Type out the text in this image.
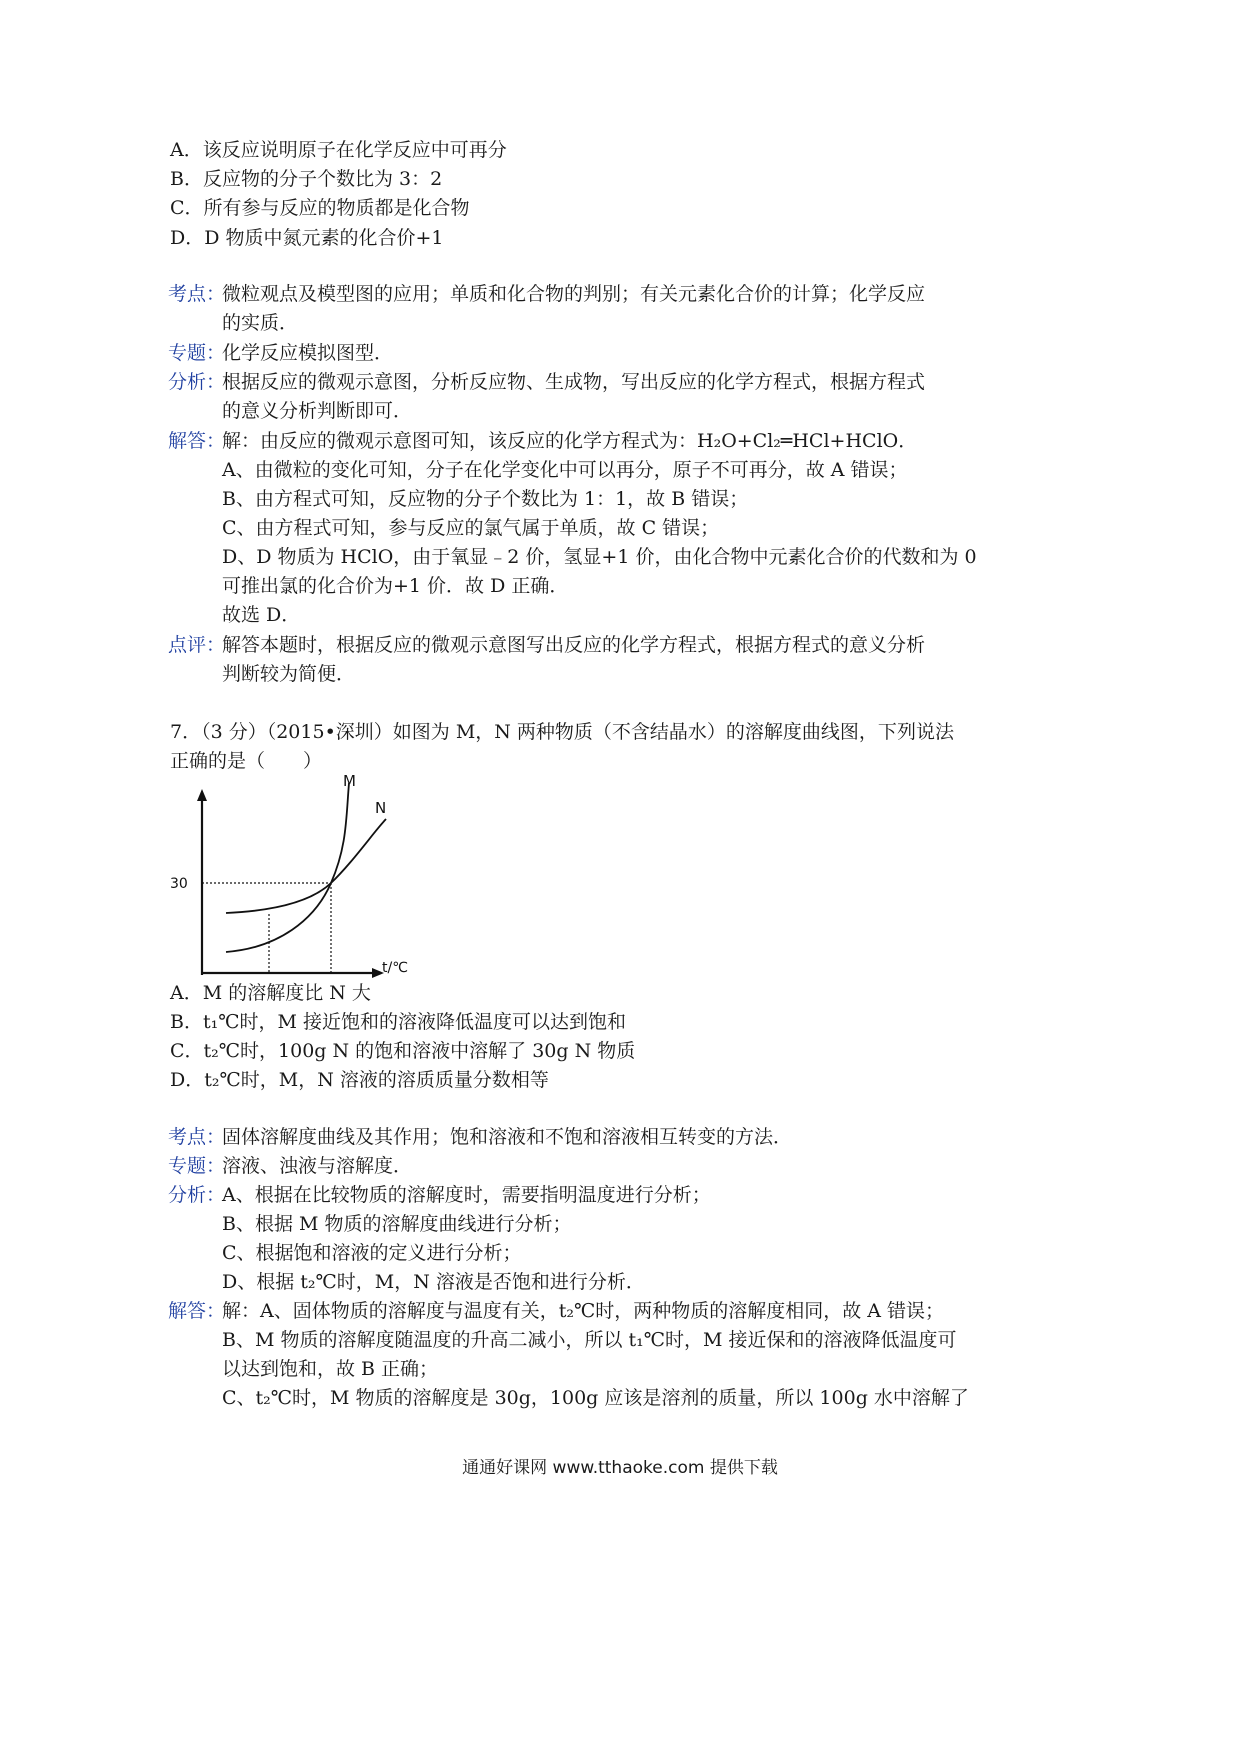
A．该反应说明原子在化学反应中可再分
B．反应物的分子个数比为 3：2
C．所有参与反应的物质都是化合物
D．D 物质中氮元素的化合价+1
考点：
微粒观点及模型图的应用；单质和化合物的判别；有关元素化合价的计算；化学反应
的实质．
专题：
化学反应模拟图型．
分析：
根据反应的微观示意图，分析反应物、生成物，写出反应的化学方程式，根据方程式
的意义分析判断即可．
解答：
解：由反应的微观示意图可知，该反应的化学方程式为：H₂O+Cl₂═HCl+HClO．
A、由微粒的变化可知，分子在化学变化中可以再分，原子不可再分，故 A 错误；
B、由方程式可知，反应物的分子个数比为 1：1，故 B 错误；
C、由方程式可知，参与反应的氯气属于单质，故 C 错误；
D、D 物质为 HClO，由于氧显﹣2 价，氢显+1 价，由化合物中元素化合价的代数和为 0
可推出氯的化合价为+1 价．故 D 正确．
故选 D．
点评：
解答本题时，根据反应的微观示意图写出反应的化学方程式，根据方程式的意义分析
判断较为简便．
7．（3 分）（2015•深圳）如图为 M，N 两种物质（不含结晶水）的溶解度曲线图，下列说法
正确的是（　　）
M
N
30
t/℃
A．M 的溶解度比 N 大
B．t₁℃时，M 接近饱和的溶液降低温度可以达到饱和
C．t₂℃时，100g N 的饱和溶液中溶解了 30g N 物质
D．t₂℃时，M，N 溶液的溶质质量分数相等
考点：
固体溶解度曲线及其作用；饱和溶液和不饱和溶液相互转变的方法．
专题：
溶液、浊液与溶解度．
分析：
A、根据在比较物质的溶解度时，需要指明温度进行分析；
B、根据 M 物质的溶解度曲线进行分析；
C、根据饱和溶液的定义进行分析；
D、根据 t₂℃时，M，N 溶液是否饱和进行分析．
解答：
解：A、固体物质的溶解度与温度有关，t₂℃时，两种物质的溶解度相同，故 A 错误；
B、M 物质的溶解度随温度的升高二减小，所以 t₁℃时，M 接近保和的溶液降低温度可
以达到饱和，故 B 正确；
C、t₂℃时，M 物质的溶解度是 30g，100g 应该是溶剂的质量，所以 100g 水中溶解了
通通好课网 www.tthaoke.com 提供下载
